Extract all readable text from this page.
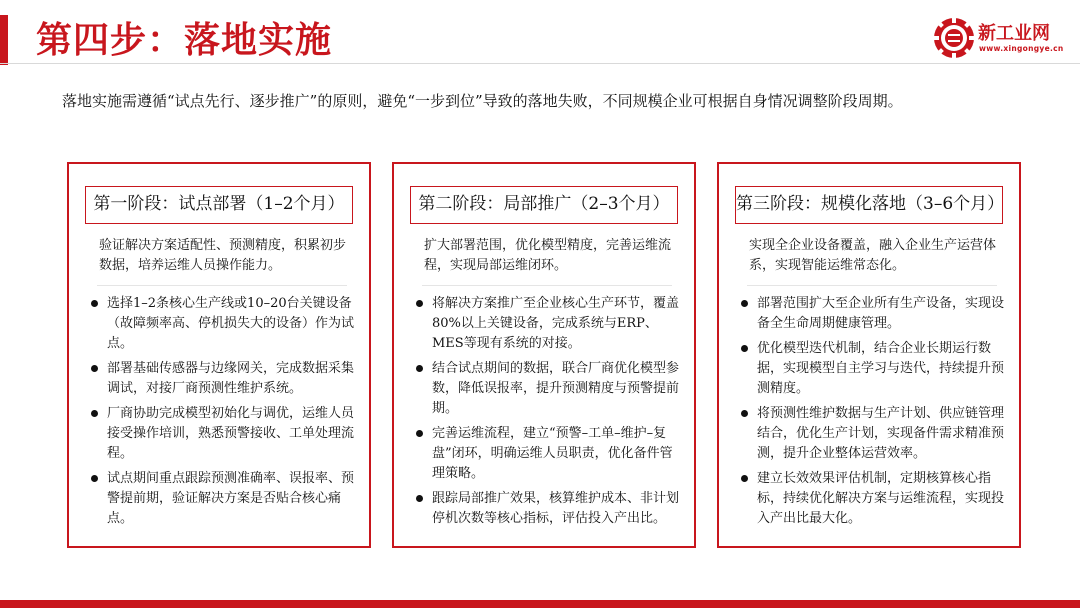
第四步：落地实施	新工业网
www.xingongye.cn
落地实施需遵循“试点先行、逐步推广”的原则，避免“一步到位”导致的落地失败，不同规模企业可根据自身情况调整阶段周期。
第一阶段：试点部署（1–2个月）
验证解决方案适配性、预测精度，积累初步数据，培养运维人员操作能力。
选择1–2条核心生产线或10–20台关键设备（故障频率高、停机损失大的设备）作为试点。
部署基础传感器与边缘网关，完成数据采集调试，对接厂商预测性维护系统。
厂商协助完成模型初始化与调优，运维人员接受操作培训，熟悉预警接收、工单处理流程。
试点期间重点跟踪预测准确率、误报率、预警提前期，验证解决方案是否贴合核心痛点。
第二阶段：局部推广（2–3个月）
扩大部署范围，优化模型精度，完善运维流程，实现局部运维闭环。
将解决方案推广至企业核心生产环节，覆盖80%以上关键设备，完成系统与ERP、MES等现有系统的对接。
结合试点期间的数据，联合厂商优化模型参数，降低误报率，提升预测精度与预警提前期。
完善运维流程，建立“预警–工单–维护–复盘”闭环，明确运维人员职责，优化备件管理策略。
跟踪局部推广效果，核算维护成本、非计划停机次数等核心指标，评估投入产出比。
第三阶段：规模化落地（3–6个月）
实现全企业设备覆盖，融入企业生产运营体系，实现智能运维常态化。
部署范围扩大至企业所有生产设备，实现设备全生命周期健康管理。
优化模型迭代机制，结合企业长期运行数据，实现模型自主学习与迭代，持续提升预测精度。
将预测性维护数据与生产计划、供应链管理结合，优化生产计划，实现备件需求精准预测，提升企业整体运营效率。
建立长效效果评估机制，定期核算核心指标，持续优化解决方案与运维流程，实现投入产出比最大化。
